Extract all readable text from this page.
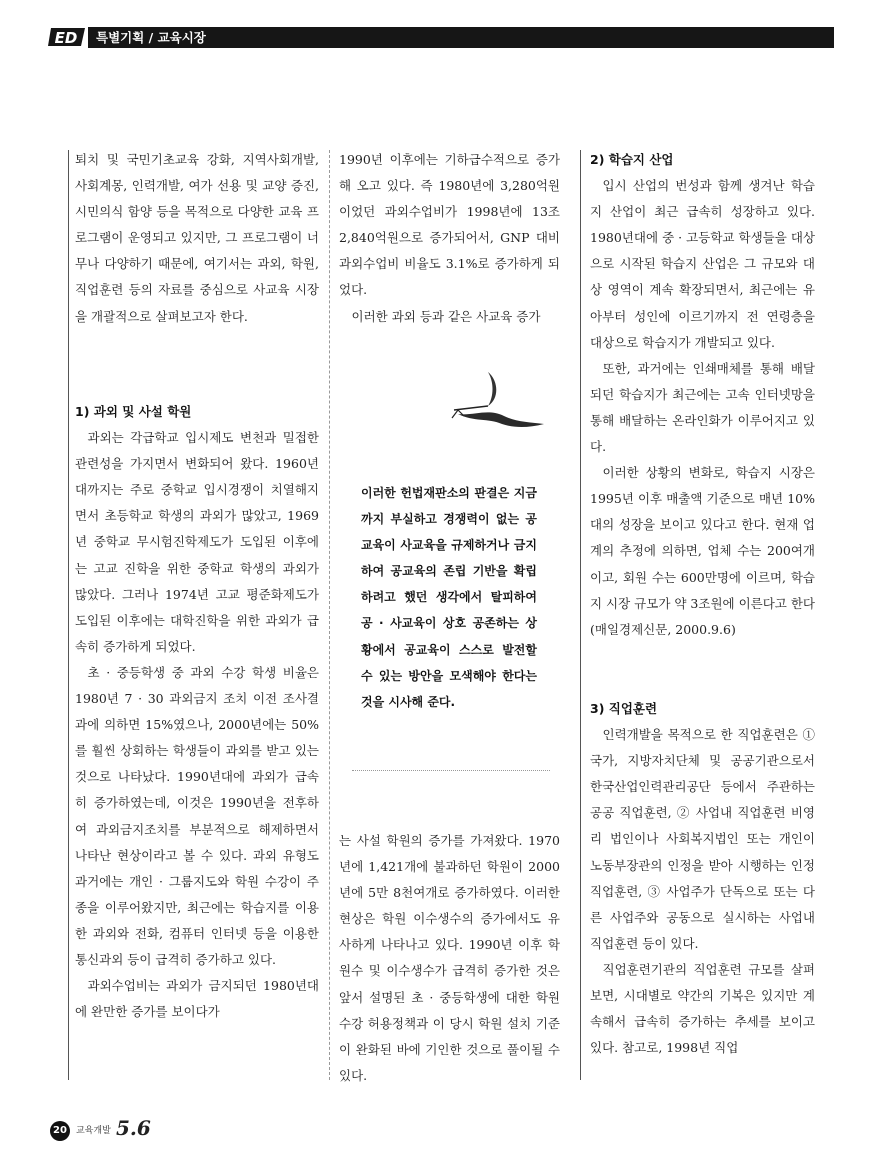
ED 특별기획 / 교육시장

퇴치 및 국민기초교육 강화, 지역사회개발, 사회계몽, 인력개발, 여가 선용 및 교양 증진, 시민의식 함양 등을 목적으로 다양한 교육 프로그램이 운영되고 있지만, 그 프로그램이 너무나 다양하기 때문에, 여기서는 과외, 학원, 직업훈련 등의 자료를 중심으로 사교육 시장을 개괄적으로 살펴보고자 한다.

1) 과외 및 사설 학원

과외는 각급학교 입시제도 변천과 밀접한 관련성을 가지면서 변화되어 왔다. 1960년대까지는 주로 중학교 입시경쟁이 치열해지면서 초등학교 학생의 과외가 많았고, 1969년 중학교 무시험진학제도가 도입된 이후에는 고교 진학을 위한 중학교 학생의 과외가 많았다. 그러나 1974년 고교 평준화제도가 도입된 이후에는 대학진학을 위한 과외가 급속히 증가하게 되었다.

초 · 중등학생 중 과외 수강 학생 비율은 1980년 7 · 30 과외금지 조치 이전 조사결과에 의하면 15%였으나, 2000년에는 50%를 훨씬 상회하는 학생들이 과외를 받고 있는 것으로 나타났다. 1990년대에 과외가 급속히 증가하였는데, 이것은 1990년을 전후하여 과외금지조치를 부분적으로 해제하면서 나타난 현상이라고 볼 수 있다. 과외 유형도 과거에는 개인 · 그룹지도와 학원 수강이 주종을 이루어왔지만, 최근에는 학습지를 이용한 과외와 전화, 컴퓨터 인터넷 등을 이용한 통신과외 등이 급격히 증가하고 있다.

과외수업비는 과외가 금지되던 1980년대에 완만한 증가를 보이다가

1990년 이후에는 기하급수적으로 증가해 오고 있다. 즉 1980년에 3,280억원이었던 과외수업비가 1998년에 13조 2,840억원으로 증가되어서, GNP 대비 과외수업비 비율도 3.1%로 증가하게 되었다.

이러한 과외 등과 같은 사교육 증가

이러한 헌법재판소의 판결은 지금까지 부실하고 경쟁력이 없는 공교육이 사교육을 규제하거나 금지하여 공교육의 존립 기반을 확립하려고 했던 생각에서 탈피하여 공 · 사교육이 상호 공존하는 상황에서 공교육이 스스로 발전할 수 있는 방안을 모색해야 한다는 것을 시사해 준다.

는 사설 학원의 증가를 가져왔다. 1970년에 1,421개에 불과하던 학원이 2000년에 5만 8천여개로 증가하였다. 이러한 현상은 학원 이수생수의 증가에서도 유사하게 나타나고 있다. 1990년 이후 학원수 및 이수생수가 급격히 증가한 것은 앞서 설명된 초 · 중등학생에 대한 학원 수강 허용정책과 이 당시 학원 설치 기준이 완화된 바에 기인한 것으로 풀이될 수 있다.

2) 학습지 산업

입시 산업의 번성과 함께 생겨난 학습지 산업이 최근 급속히 성장하고 있다. 1980년대에 중 · 고등학교 학생들을 대상으로 시작된 학습지 산업은 그 규모와 대상 영역이 계속 확장되면서, 최근에는 유아부터 성인에 이르기까지 전 연령층을 대상으로 학습지가 개발되고 있다.

또한, 과거에는 인쇄매체를 통해 배달되던 학습지가 최근에는 고속 인터넷망을 통해 배달하는 온라인화가 이루어지고 있다.

이러한 상황의 변화로, 학습지 시장은 1995년 이후 매출액 기준으로 매년 10%대의 성장을 보이고 있다고 한다. 현재 업계의 추정에 의하면, 업체 수는 200여개이고, 회원 수는 600만명에 이르며, 학습지 시장 규모가 약 3조원에 이른다고 한다(매일경제신문, 2000.9.6)

3) 직업훈련

인력개발을 목적으로 한 직업훈련은 ① 국가, 지방자치단체 및 공공기관으로서 한국산업인력관리공단 등에서 주관하는 공공 직업훈련, ② 사업내 직업훈련 비영리 법인이나 사회복지법인 또는 개인이 노동부장관의 인정을 받아 시행하는 인정직업훈련, ③ 사업주가 단독으로 또는 다른 사업주와 공동으로 실시하는 사업내 직업훈련 등이 있다.

직업훈련기관의 직업훈련 규모를 살펴보면, 시대별로 약간의 기복은 있지만 계속해서 급속히 증가하는 추세를 보이고 있다. 참고로, 1998년 직업

20	교육개발 5.6
